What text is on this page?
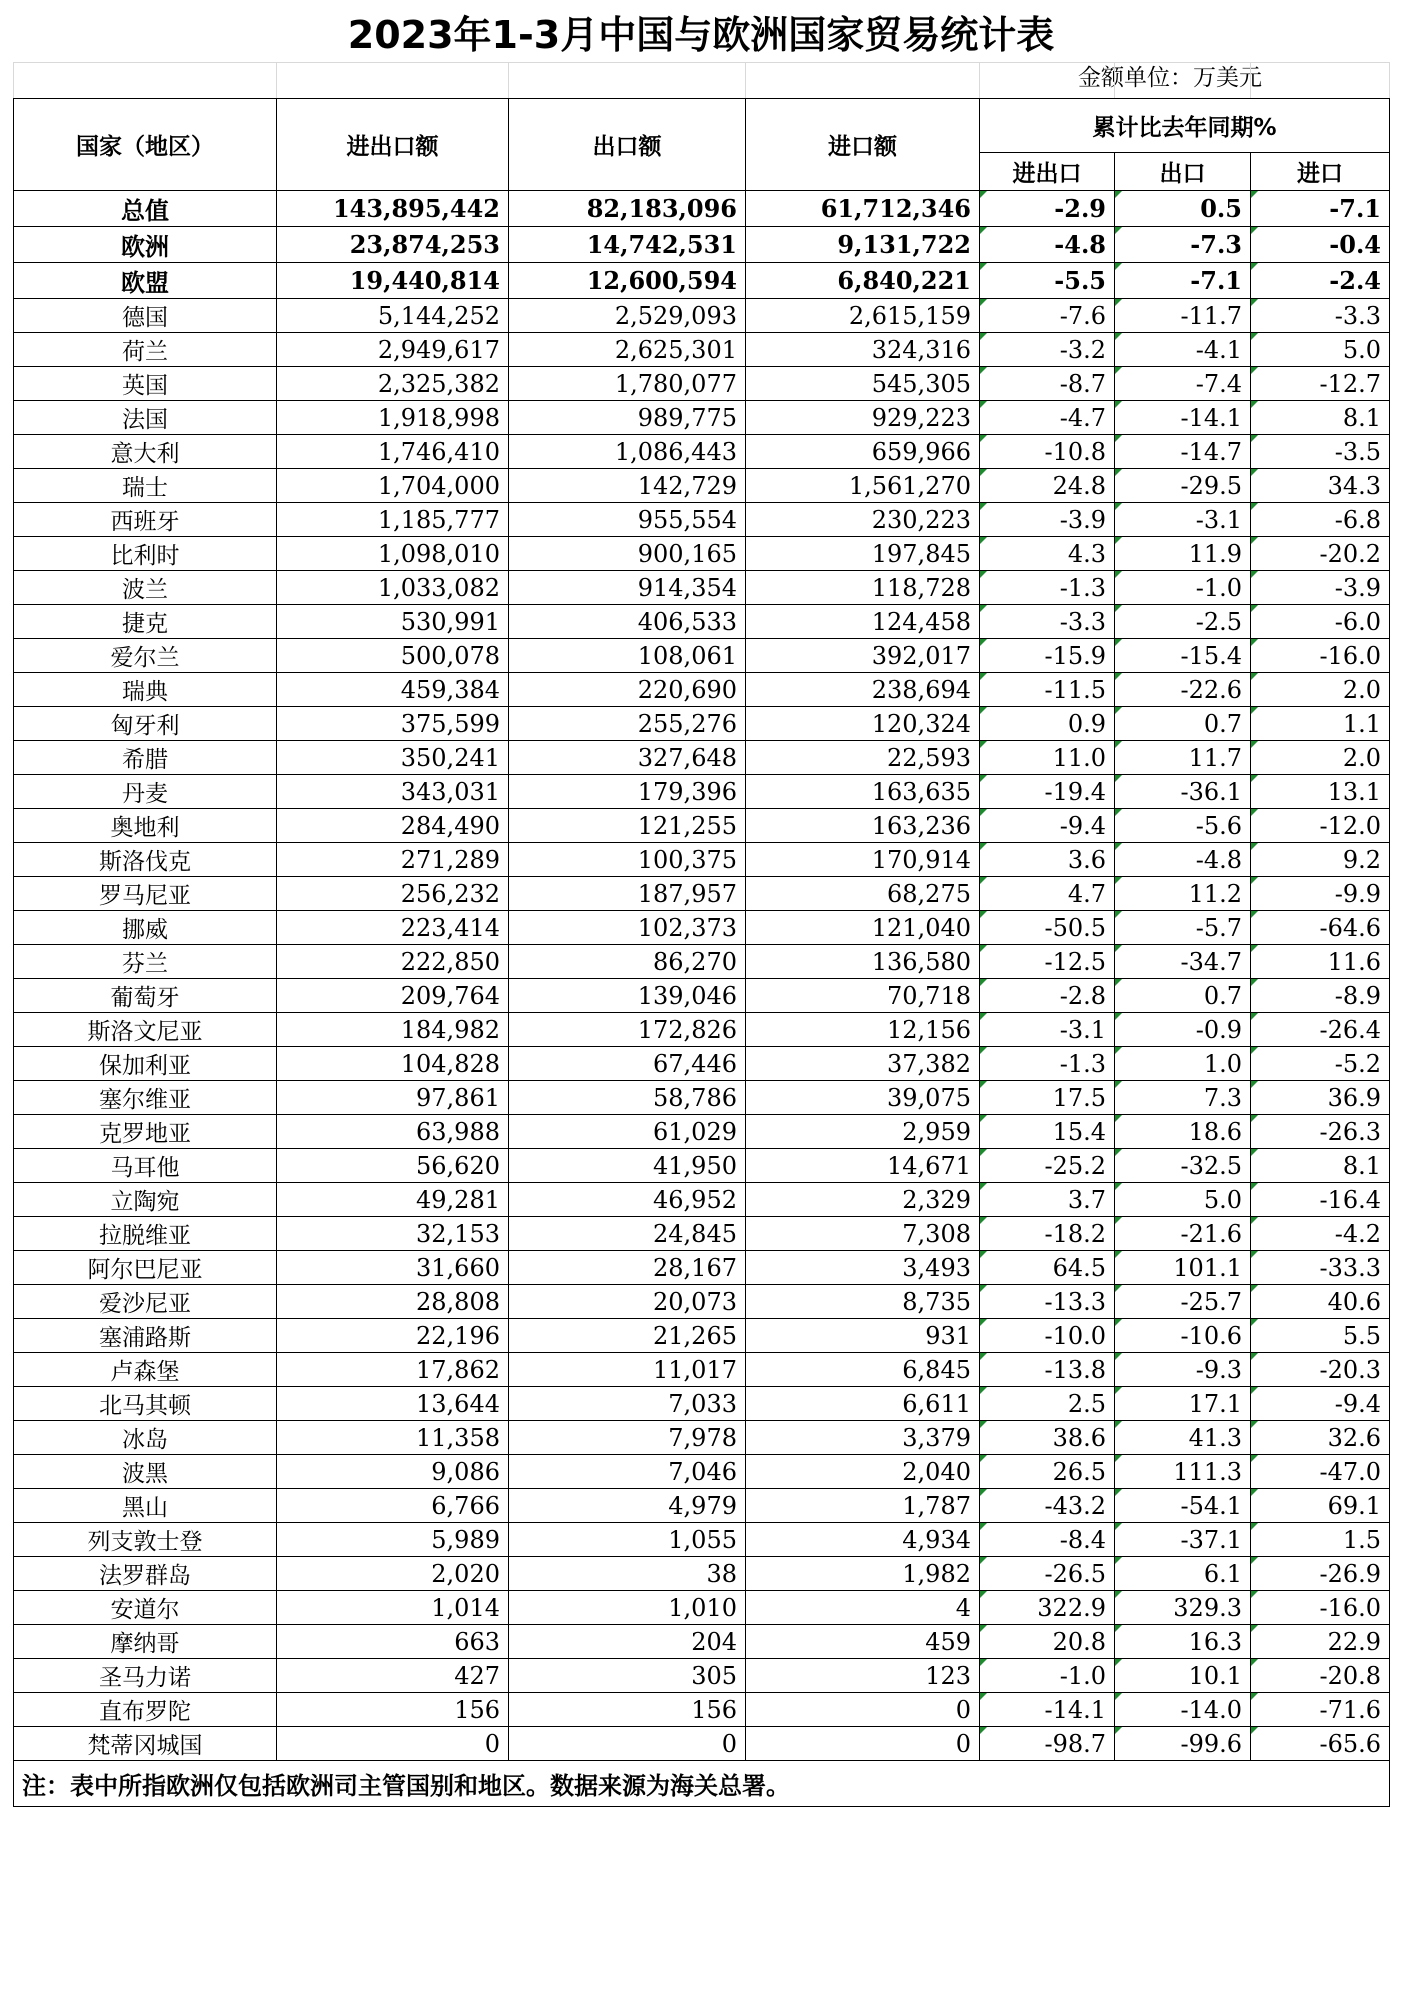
2023年1-3月中国与欧洲国家贸易统计表
金额单位：万美元

国家（地区）	进出口额	出口额	进口额	累计比去年同期%		
				进出口	出口	进口
总值	143,895,442	82,183,096	61,712,346	-2.9	0.5	-7.1
欧洲	23,874,253	14,742,531	9,131,722	-4.8	-7.3	-0.4
欧盟	19,440,814	12,600,594	6,840,221	-5.5	-7.1	-2.4
德国	5,144,252	2,529,093	2,615,159	-7.6	-11.7	-3.3
荷兰	2,949,617	2,625,301	324,316	-3.2	-4.1	5.0
英国	2,325,382	1,780,077	545,305	-8.7	-7.4	-12.7
法国	1,918,998	989,775	929,223	-4.7	-14.1	8.1
意大利	1,746,410	1,086,443	659,966	-10.8	-14.7	-3.5
瑞士	1,704,000	142,729	1,561,270	24.8	-29.5	34.3
西班牙	1,185,777	955,554	230,223	-3.9	-3.1	-6.8
比利时	1,098,010	900,165	197,845	4.3	11.9	-20.2
波兰	1,033,082	914,354	118,728	-1.3	-1.0	-3.9
捷克	530,991	406,533	124,458	-3.3	-2.5	-6.0
爱尔兰	500,078	108,061	392,017	-15.9	-15.4	-16.0
瑞典	459,384	220,690	238,694	-11.5	-22.6	2.0
匈牙利	375,599	255,276	120,324	0.9	0.7	1.1
希腊	350,241	327,648	22,593	11.0	11.7	2.0
丹麦	343,031	179,396	163,635	-19.4	-36.1	13.1
奥地利	284,490	121,255	163,236	-9.4	-5.6	-12.0
斯洛伐克	271,289	100,375	170,914	3.6	-4.8	9.2
罗马尼亚	256,232	187,957	68,275	4.7	11.2	-9.9
挪威	223,414	102,373	121,040	-50.5	-5.7	-64.6
芬兰	222,850	86,270	136,580	-12.5	-34.7	11.6
葡萄牙	209,764	139,046	70,718	-2.8	0.7	-8.9
斯洛文尼亚	184,982	172,826	12,156	-3.1	-0.9	-26.4
保加利亚	104,828	67,446	37,382	-1.3	1.0	-5.2
塞尔维亚	97,861	58,786	39,075	17.5	7.3	36.9
克罗地亚	63,988	61,029	2,959	15.4	18.6	-26.3
马耳他	56,620	41,950	14,671	-25.2	-32.5	8.1
立陶宛	49,281	46,952	2,329	3.7	5.0	-16.4
拉脱维亚	32,153	24,845	7,308	-18.2	-21.6	-4.2
阿尔巴尼亚	31,660	28,167	3,493	64.5	101.1	-33.3
爱沙尼亚	28,808	20,073	8,735	-13.3	-25.7	40.6
塞浦路斯	22,196	21,265	931	-10.0	-10.6	5.5
卢森堡	17,862	11,017	6,845	-13.8	-9.3	-20.3
北马其顿	13,644	7,033	6,611	2.5	17.1	-9.4
冰岛	11,358	7,978	3,379	38.6	41.3	32.6
波黑	9,086	7,046	2,040	26.5	111.3	-47.0
黑山	6,766	4,979	1,787	-43.2	-54.1	69.1
列支敦士登	5,989	1,055	4,934	-8.4	-37.1	1.5
法罗群岛	2,020	38	1,982	-26.5	6.1	-26.9
安道尔	1,014	1,010	4	322.9	329.3	-16.0
摩纳哥	663	204	459	20.8	16.3	22.9
圣马力诺	427	305	123	-1.0	10.1	-20.8
直布罗陀	156	156	0	-14.1	-14.0	-71.6
梵蒂冈城国	0	0	0	-98.7	-99.6	-65.6
注：表中所指欧洲仅包括欧洲司主管国别和地区。数据来源为海关总署。						
